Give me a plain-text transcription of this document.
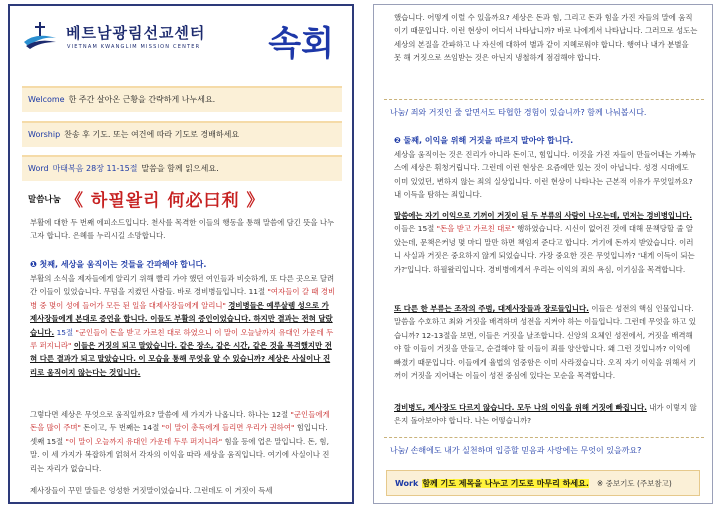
베트남광림선교센터
VIETNAM KWANGLIM MISSION CENTER 속회
Welcome 한 주간 살아온 근황을 간략하게 나누세요.
Worship 찬송 후 기도. 또는 여건에 따라 기도로 경배하세요
Word 마태복음 28장 11-15절 말씀을 함께 읽으세요.
말씀나눔 《 하필왈리 何必曰利 》
부활에 대한 두 번째 에피소드입니다. 천사를 목격한 이들의 행동을 통해 말씀에 담긴 뜻을 나누고자 합니다. 은혜를 누리시길 소망합니다.
❶ 첫째, 세상을 움직이는 것들을 간파해야 합니다.
부활의 소식을 제자들에게 알리기 위해 빨리 가야 했던 여인들과 비슷하게, 또 다른 곳으로 달려간 이들이 있었습니다. 무덤을 지켰던 사람들. 바로 경비병들입니다. 11절 "여자들이 갈 때 경비병 중 몇이 성에 들어가 모든 된 일을 대제사장들에게 알리니" 경비병들은 예루살렘 성으로 가 제사장들에게 본대로 증언을 합니다. 이들도 부활의 증인이었습니다. 하지만 결과는 전혀 달랐습니다. 15절 "군인들이 돈을 받고 가르친 대로 하였으니 이 말이 오늘날까지 유대인 가운데 두루 퍼지니라" 이들은 거짓의 되고 말았습니다. 같은 장소, 같은 시간, 같은 것을 목격했지만 전혀 다른 결과가 되고 말았습니다. 이 모습을 통해 무엇을 알 수 있습니까? 세상은 사실이나 진리로 움직이지 않는다는 것입니다.
그렇다면 세상은 무엇으로 움직일까요? 말씀에 세 가지가 나옵니다. 하나는 12절 "군인들에게 돈을 많이 주며" 돈이고, 두 번째는 14절 "이 말이 총독에게 들리면 우리가 권하여" 힘입니다. 셋째 15절 "이 말이 오늘까지 유대인 가운데 두루 퍼지니라" 힘을 등에 업은 말입니다. 돈, 힘, 말. 이 세 가지가 복잡하게 얽혀서 각자의 이익을 따라 세상을 움직입니다. 여기에 사실이나 진리는 자리가 없습니다.
제사장들이 꾸민 말들은 엉성한 거짓말이었습니다. 그런데도 이 거짓이 득세
했습니다. 어떻게 이럴 수 있을까요? 세상은 돈과 힘, 그리고 돈과 힘을 가진 자들의 말에 움직이기 때문입니다. 이런 현상이 어디서 나타납니까? 바로 나에게서 나타납니다. 그러므로 성도는 세상의 본질을 간파하고 나 자신에 대하여 별과 같이 지혜로워야 합니다. 행여나 내가 분별을 못 해 거짓으로 쓰임받는 것은 아닌지 냉철하게 점검해야 합니다.
나눔/ 죄와 거짓인 줄 알면서도 타협한 경험이 있습니까? 함께 나눠봅시다.
❷ 둘째, 이익을 위해 거짓을 따르지 말아야 합니다.
세상을 움직이는 것은 진리가 아니라 돈이고, 힘입니다. 이것을 가진 자들이 만들어내는 가짜뉴스에 세상은 휘청거립니다. 그런데 이런 현상은 요즘에만 있는 것이 아닙니다. 성경 시대에도 이미 있었던, 변하지 않는 죄의 실상입니다. 이런 현상이 나타나는 근본적 이유가 무엇일까요? 내 이득을 탐하는 죄입니다.
말씀에는 자기 이익으로 기꺼이 거짓이 된 두 부류의 사람이 나오는데, 먼저는 경비병입니다. 이들은 15절 "돈을 받고 가르친 대로" 행하였습니다. 시신이 없어진 것에 대해 문책당할 줄 알았는데, 문책은커녕 몇 마디 말만 하면 책임져 준다고 합니다. 거기에 돈까지 받았습니다. 이러니 사실과 거짓은 중요하지 않게 되었습니다. 가장 중요한 것은 무엇입니까? '내게 이득이 되는가?'입니다. 하필왈리입니다. 경비병에게서 우리는 이익의 죄의 욕심, 이기심을 목격합니다.
또 다른 한 부류는 조작의 주범, 대제사장들과 장로들입니다. 이들은 성전의 핵심 인물입니다. 말씀을 수호하고 최와 거짓을 배격하며 성전을 지켜야 하는 이들입니다. 그런데 무엇을 하고 있습니까? 12-13절을 보면, 이들은 거짓을 날조합니다. 신앙의 요체인 성전에서, 거짓을 배격해야 할 이들이 거짓을 만들고, 순결해야 할 이들이 죄를 양산합니다. 왜 그런 것입니까? 이익에 빠졌기 때문입니다. 이들에게 율법의 엄중함은 이미 사라졌습니다. 오직 자기 이익을 위해서 기꺼이 거짓을 지어내는 이들이 성전 중심에 있다는 모순을 목격합니다.
경비병도, 제사장도 다르지 않습니다. 모두 나의 이익을 위해 거짓에 빠집니다. 내가 이렇지 않은지 돌아보아야 합니다. 나는 어떻습니까?
나눔/ 손해에도 내가 실천하며 입증할 믿음과 사랑에는 무엇이 있을까요?
Work 함께 기도 제목을 나누고 기도로 마무리 하세요. ※ 중보기도 (주보참고)
